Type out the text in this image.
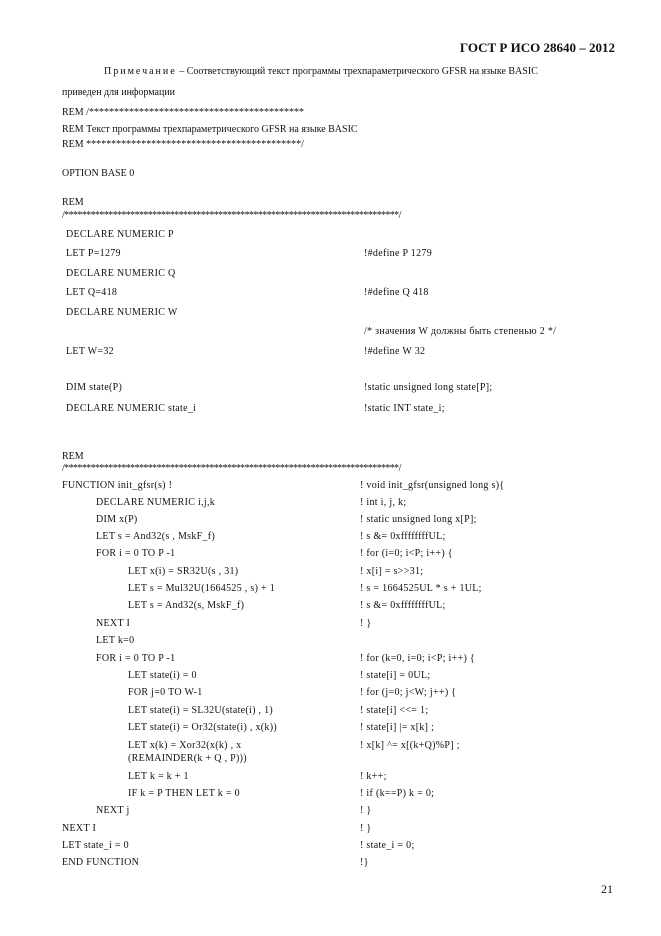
ГОСТ Р ИСО 28640 – 2012
Примечание – Соответствующий текст программы трехпараметрического GFSR на языке BASIC
приведен для информации
REM /*******************************************
REM Текст программы трехпараметрического GFSR на языке BASIC
REM *******************************************/
OPTION BASE 0
REM
/****************************************************************************/
DECLARE NUMERIC P
LET P=1279	!#define P 1279
DECLARE NUMERIC Q
LET Q=418	!#define Q 418
DECLARE NUMERIC W
/* значения W должны быть степенью 2 */
LET W=32	!#define W 32
DIM state(P)	!static unsigned long state[P];
DECLARE NUMERIC state_i	!static INT state_i;
REM
/****************************************************************************/
FUNCTION init_gfsr(s) !	! void init_gfsr(unsigned long s){
DECLARE NUMERIC i,j,k	! int i, j, k;
DIM x(P)	! static unsigned long x[P];
LET s = And32(s , MskF_f)	! s &= 0xffffffffUL;
FOR i = 0 TO P -1	! for (i=0; i<P; i++) {
LET x(i) = SR32U(s , 31)	! x[i] = s>>31;
LET s = Mul32U(1664525 , s) + 1	! s = 1664525UL * s + 1UL;
LET s = And32(s, MskF_f)	! s &= 0xffffffffUL;
NEXT I	! }
LET k=0
FOR i = 0 TO P -1	! for (k=0, i=0; i<P; i++) {
LET state(i) = 0	! state[i] = 0UL;
FOR j=0 TO W-1	! for (j=0; j<W; j++) {
LET state(i) = SL32U(state(i) , 1)	! state[i] <<= 1;
LET state(i) = Or32(state(i) , x(k))	! state[i] |= x[k] ;
LET x(k) = Xor32(x(k) , x	! x[k] ^= x[(k+Q)%P] ;
(REMAINDER(k + Q , P)))
LET k = k + 1	! k++;
IF k = P THEN LET k = 0	! if (k==P) k = 0;
NEXT j	! }
NEXT I	! }
LET state_i = 0	! state_i = 0;
END FUNCTION	!}
21
